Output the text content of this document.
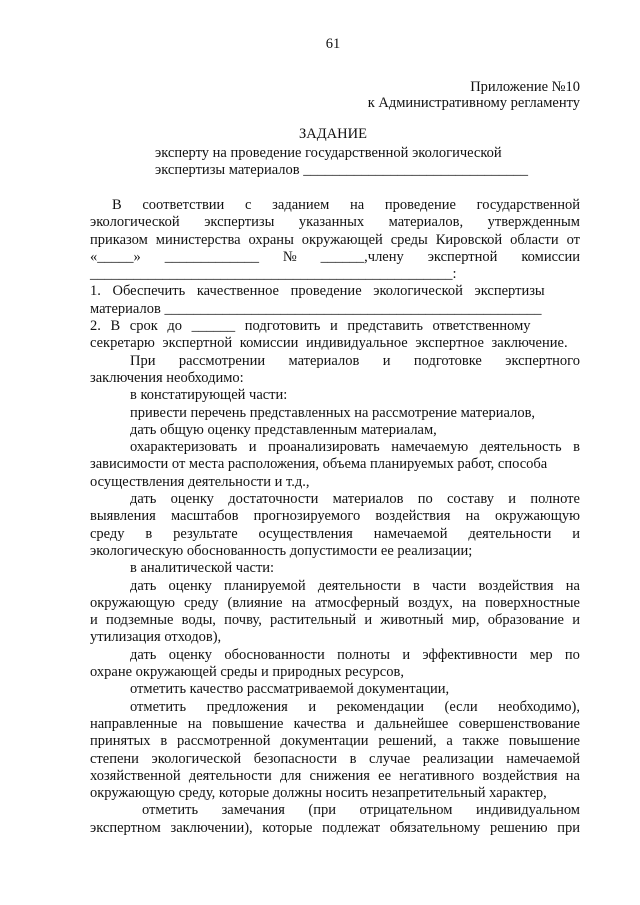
61
Приложение №10
к Административному регламенту
ЗАДАНИЕ
эксперту на проведение государственной экологической
экспертизы материалов _______________________________
В соответствии с заданием на проведение государственной
экологической экспертизы указанных материалов, утвержденным
приказом министерства охраны окружающей среды Кировской области от
«_____» _____________ № ______,члену экспертной комиссии
__________________________________________________:
1. Обеспечить качественное проведение экологической экспертизы
материалов ____________________________________________________
2. В срок до ______ подготовить и представить ответственному
секретарю экспертной комиссии индивидуальное экспертное заключение.
При рассмотрении материалов и подготовке экспертного
заключения необходимо:
в констатирующей части:
привести перечень представленных на рассмотрение материалов,
дать общую оценку представленным материалам,
охарактеризовать и проанализировать намечаемую деятельность в
зависимости от места расположения, объема планируемых работ, способа
осуществления деятельности и т.д.,
дать оценку достаточности материалов по составу и полноте
выявления масштабов прогнозируемого воздействия на окружающую
среду в результате осуществления намечаемой деятельности и
экологическую обоснованность допустимости ее реализации;
в аналитической части:
дать оценку планируемой деятельности в части воздействия на
окружающую среду (влияние на атмосферный воздух, на поверхностные
и подземные воды, почву, растительный и животный мир, образование и
утилизация отходов),
дать оценку обоснованности полноты и эффективности мер по
охране окружающей среды и природных ресурсов,
отметить качество рассматриваемой документации,
отметить предложения и рекомендации (если необходимо),
направленные на повышение качества и дальнейшее совершенствование
принятых в рассмотренной документации решений, а также повышение
степени экологической безопасности в случае реализации намечаемой
хозяйственной деятельности для снижения ее негативного воздействия на
окружающую среду, которые должны носить незапретительный характер,
отметить замечания (при отрицательном индивидуальном
экспертном заключении), которые подлежат обязательному решению при
